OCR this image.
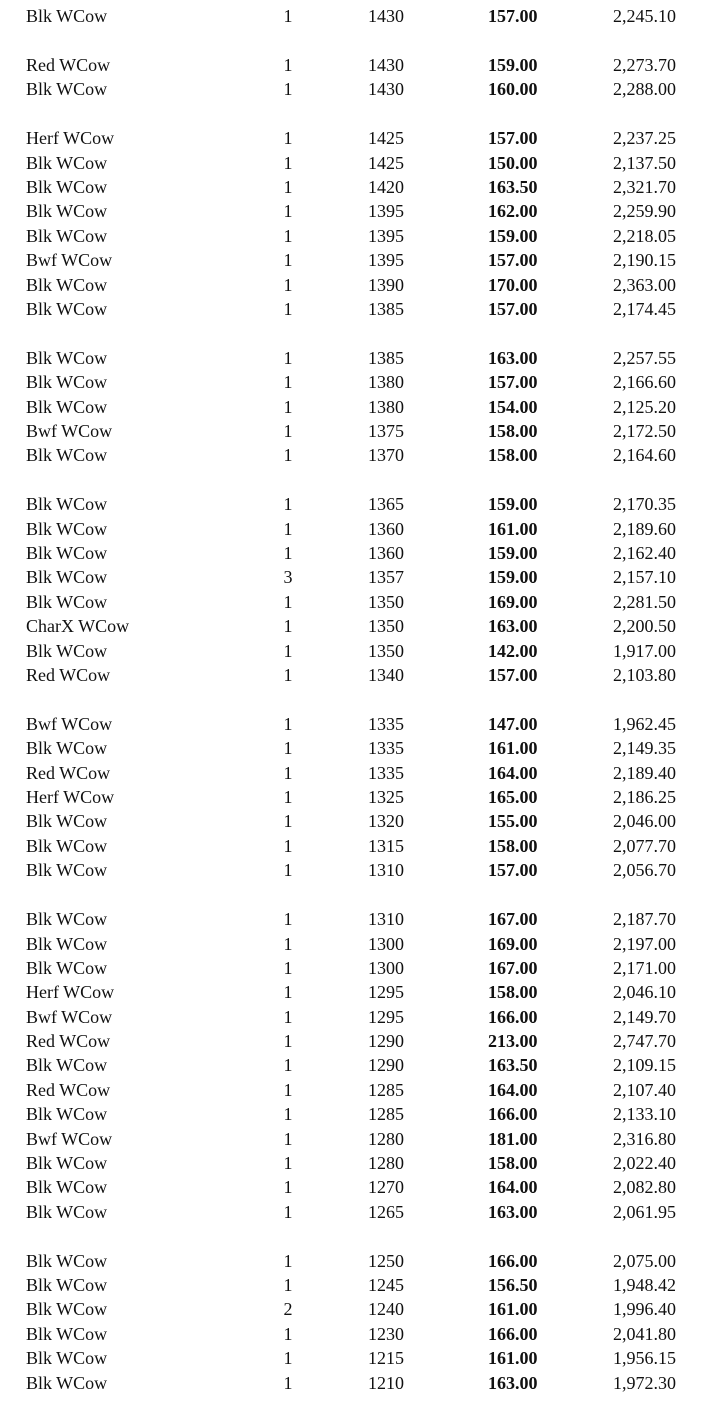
Blk WCow	1	1430	157.00	2,245.10
Red WCow	1	1430	159.00	2,273.70
Blk WCow	1	1430	160.00	2,288.00
Herf WCow	1	1425	157.00	2,237.25
Blk WCow	1	1425	150.00	2,137.50
Blk WCow	1	1420	163.50	2,321.70
Blk WCow	1	1395	162.00	2,259.90
Blk WCow	1	1395	159.00	2,218.05
Bwf WCow	1	1395	157.00	2,190.15
Blk WCow	1	1390	170.00	2,363.00
Blk WCow	1	1385	157.00	2,174.45
Blk WCow	1	1385	163.00	2,257.55
Blk WCow	1	1380	157.00	2,166.60
Blk WCow	1	1380	154.00	2,125.20
Bwf WCow	1	1375	158.00	2,172.50
Blk WCow	1	1370	158.00	2,164.60
Blk WCow	1	1365	159.00	2,170.35
Blk WCow	1	1360	161.00	2,189.60
Blk WCow	1	1360	159.00	2,162.40
Blk WCow	3	1357	159.00	2,157.10
Blk WCow	1	1350	169.00	2,281.50
CharX WCow	1	1350	163.00	2,200.50
Blk WCow	1	1350	142.00	1,917.00
Red WCow	1	1340	157.00	2,103.80
Bwf WCow	1	1335	147.00	1,962.45
Blk WCow	1	1335	161.00	2,149.35
Red WCow	1	1335	164.00	2,189.40
Herf WCow	1	1325	165.00	2,186.25
Blk WCow	1	1320	155.00	2,046.00
Blk WCow	1	1315	158.00	2,077.70
Blk WCow	1	1310	157.00	2,056.70
Blk WCow	1	1310	167.00	2,187.70
Blk WCow	1	1300	169.00	2,197.00
Blk WCow	1	1300	167.00	2,171.00
Herf WCow	1	1295	158.00	2,046.10
Bwf WCow	1	1295	166.00	2,149.70
Red WCow	1	1290	213.00	2,747.70
Blk WCow	1	1290	163.50	2,109.15
Red WCow	1	1285	164.00	2,107.40
Blk WCow	1	1285	166.00	2,133.10
Bwf WCow	1	1280	181.00	2,316.80
Blk WCow	1	1280	158.00	2,022.40
Blk WCow	1	1270	164.00	2,082.80
Blk WCow	1	1265	163.00	2,061.95
Blk WCow	1	1250	166.00	2,075.00
Blk WCow	1	1245	156.50	1,948.42
Blk WCow	2	1240	161.00	1,996.40
Blk WCow	1	1230	166.00	2,041.80
Blk WCow	1	1215	161.00	1,956.15
Blk WCow	1	1210	163.00	1,972.30
